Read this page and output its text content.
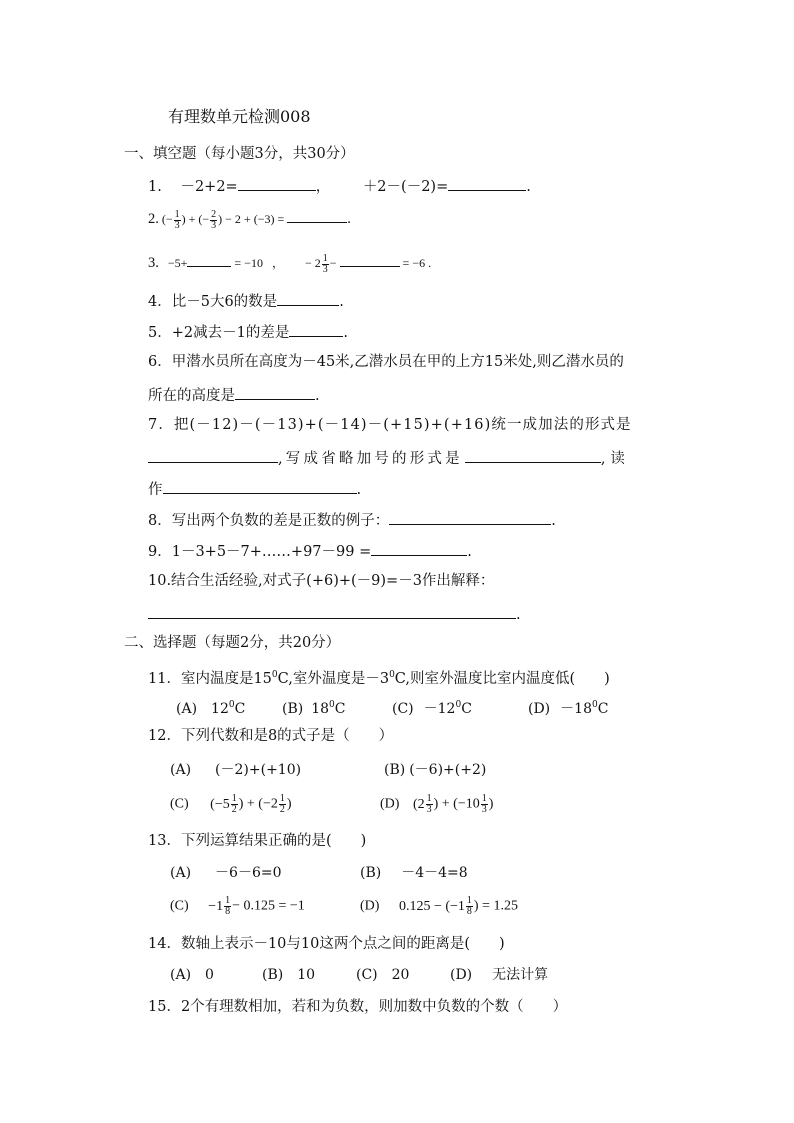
有理数单元检测008
一、填空题（每小题3分，共30分）
1. －2+2=	， ＋2－(－2)=	.
2. (− $\frac{1}{3}$ ) + (− $\frac{2}{3}$ ) − 2 + (−3) =	.
3. −5+	= −10 ， − $2 \frac{1}{3}$ −	= −6 .
4．比－5大6的数是	.
5．+2减去－1的差是	.
6．甲潜水员所在高度为－45米,乙潜水员在甲的上方15米处,则乙潜水员的
所在的高度是	.
7．把(－12)－(－13)+(－14)－(+15)+(+16)统一成加法的形式是
,写成省略加号的形式是	,读
作	.
8．写出两个负数的差是正数的例子：	.
9．1－3+5－7+……+97－99 =	.
10.结合生活经验,对式子(+6)+(－9)=－3作出解释：
.
二、选择题（每题2分，共20分）
11．室内温度是$15^0C$,室外温度是$-3^0C$,则室外温度比室内温度低(　　)
(A) $12^0C$	(B) $18^0C$	$(C) -12^0C$	$(D) -18^0C$
12．下列代数和是8的式子是（　　）
(A) (－2)+(+10)	(B) (－6)+(+2)
(C) ($-5 \frac{1}{2}$ ) + ($-2 \frac{1}{2}$ )	(D) ($2 \frac{1}{3}$ ) + ($-10 \frac{1}{3}$ )
13．下列运算结果正确的是(　　)
(A) －6－6=0	(B) －4－4=8
$(C) -1 \frac{1}{8} - 0.125 = -1$	(D) $0.125 - (-1 \frac{1}{8}$ ) = 1.25
14．数轴上表示－10与10这两个点之间的距离是(　　)
(A) 0	(B) 10	(C) 20	(D) 无法计算
15．2个有理数相加，若和为负数，则加数中负数的个数（　　）
